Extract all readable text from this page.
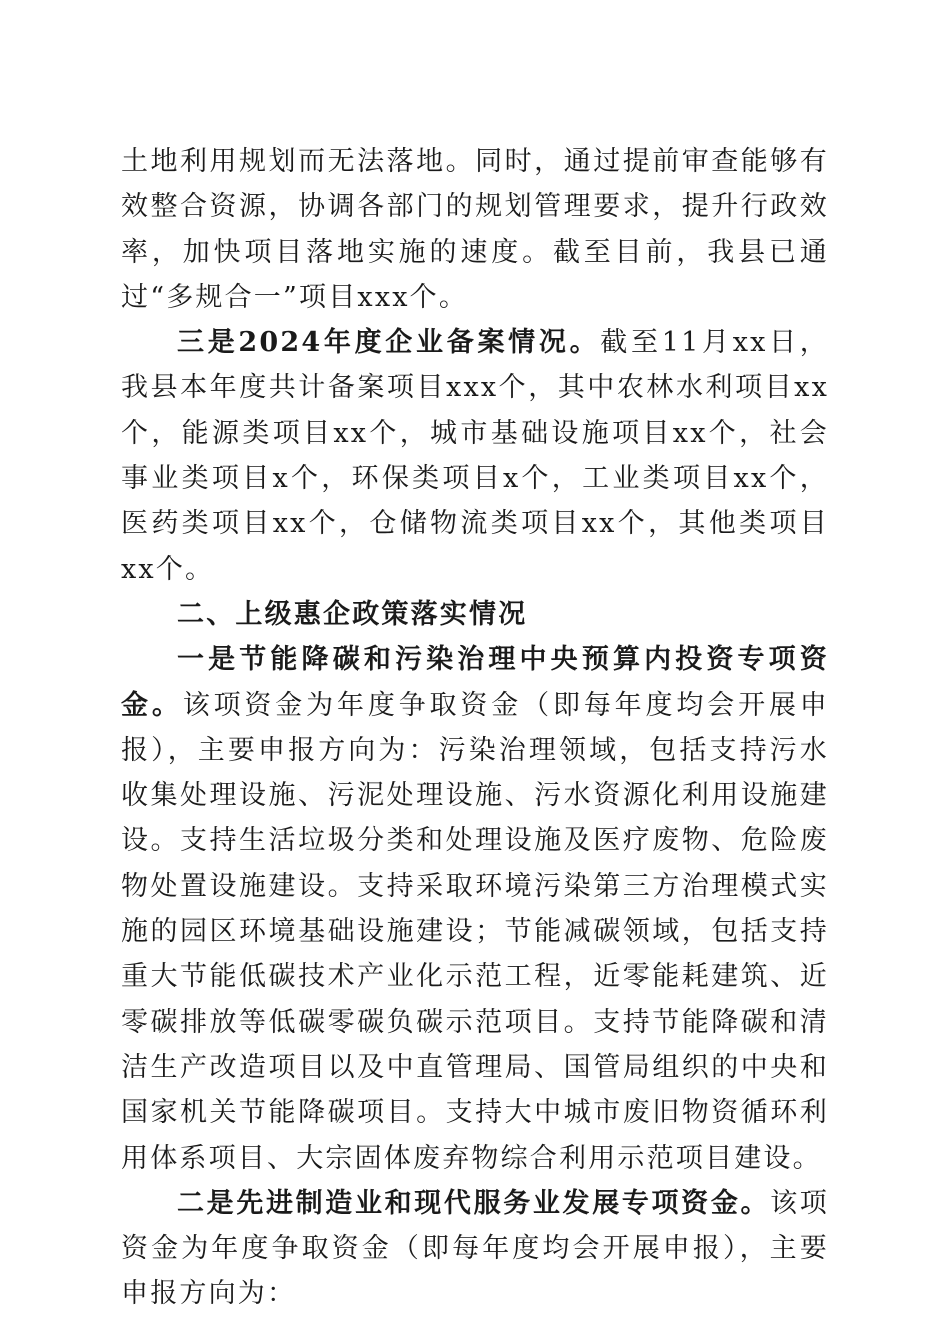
土地利用规划而无法落地。同时，通过提前审查能够有效整合资源，协调各部门的规划管理要求，提升行政效率，加快项目落地实施的速度。截至目前，我县已通过“多规合一”项目xxx个。

三是2024年度企业备案情况。截至11月xx日，我县本年度共计备案项目xxx个，其中农林水利项目xx个，能源类项目xx个，城市基础设施项目xx个，社会事业类项目x个，环保类项目x个，工业类项目xx个，医药类项目xx个，仓储物流类项目xx个，其他类项目xx个。

二、上级惠企政策落实情况

一是节能降碳和污染治理中央预算内投资专项资金。该项资金为年度争取资金（即每年度均会开展申报），主要申报方向为：污染治理领域，包括支持污水收集处理设施、污泥处理设施、污水资源化利用设施建设。支持生活垃圾分类和处理设施及医疗废物、危险废物处置设施建设。支持采取环境污染第三方治理模式实施的园区环境基础设施建设；节能减碳领域，包括支持重大节能低碳技术产业化示范工程，近零能耗建筑、近零碳排放等低碳零碳负碳示范项目。支持节能降碳和清洁生产改造项目以及中直管理局、国管局组织的中央和国家机关节能降碳项目。支持大中城市废旧物资循环利用体系项目、大宗固体废弃物综合利用示范项目建设。

二是先进制造业和现代服务业发展专项资金。该项资金为年度争取资金（即每年度均会开展申报），主要申报方向为：
